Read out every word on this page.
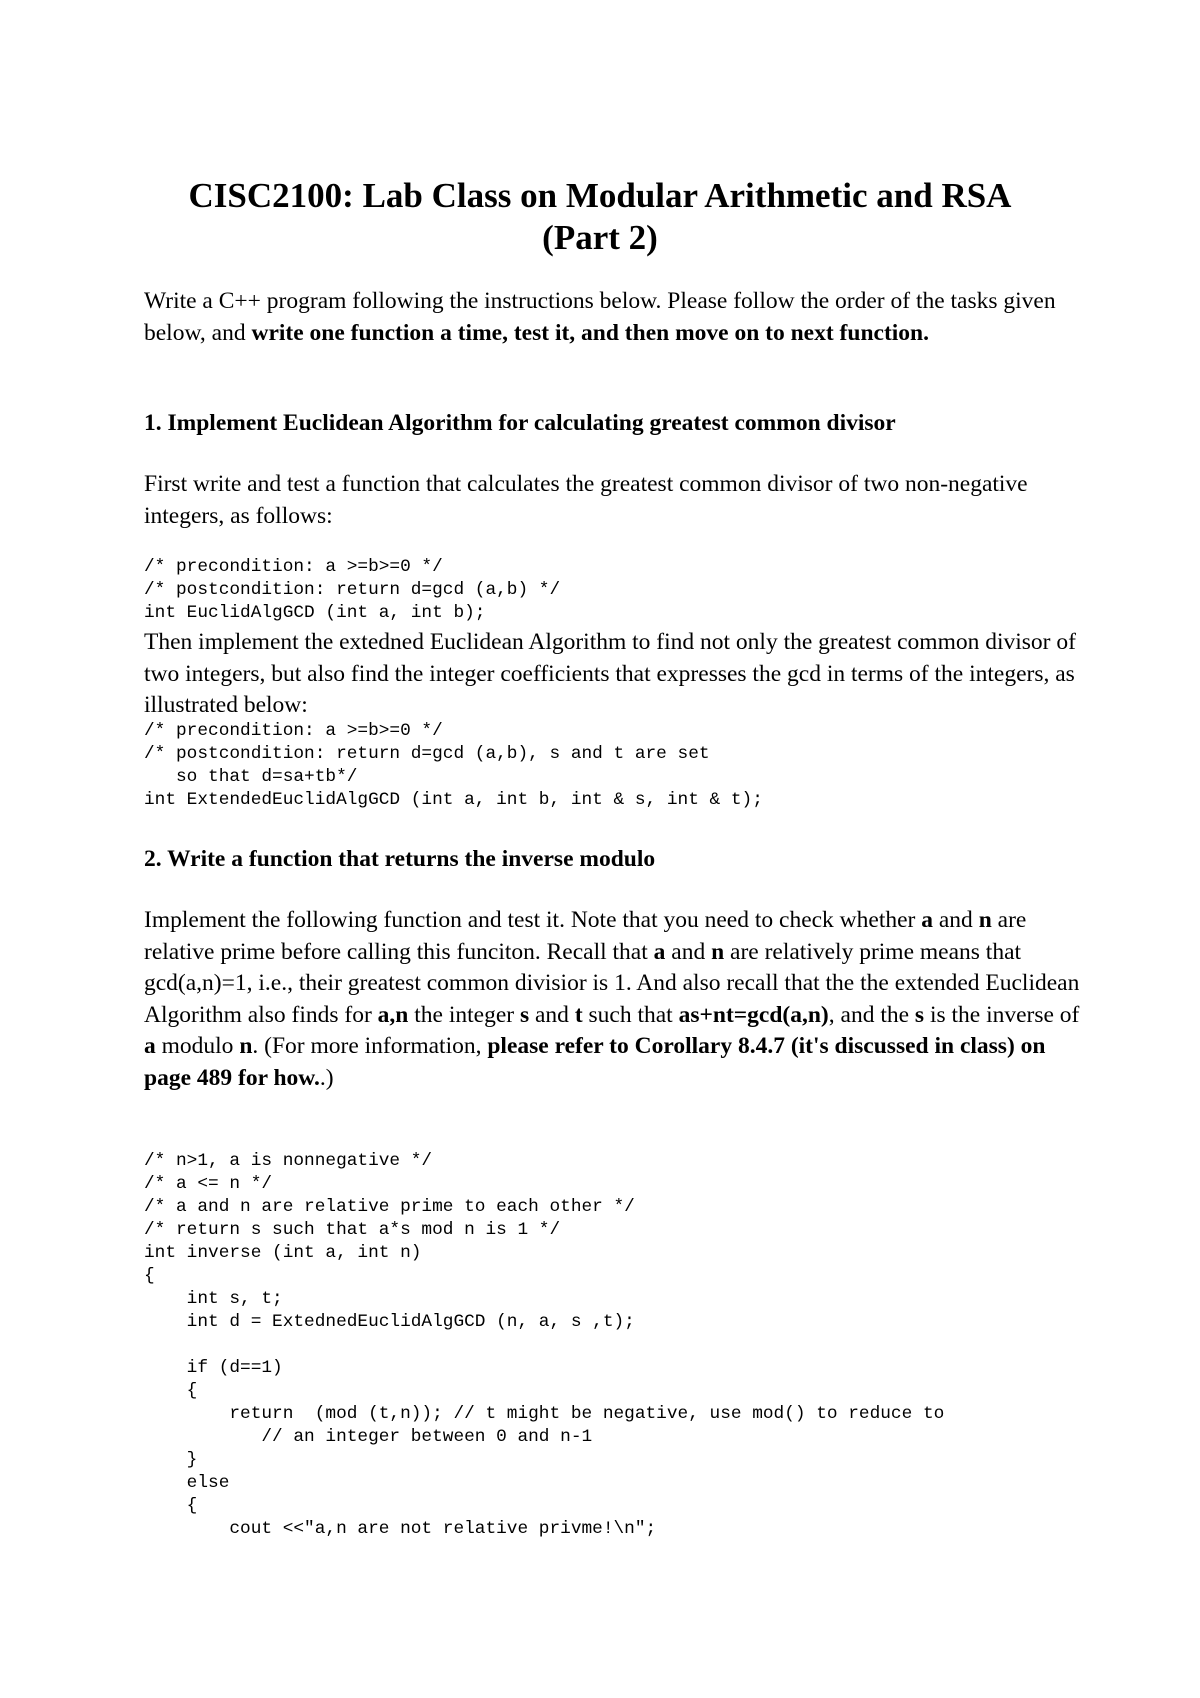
CISC2100: Lab Class on Modular Arithmetic and RSA
(Part 2)

Write a C++ program following the instructions below. Please follow the order of the tasks given below, and write one function a time, test it, and then move on to next function.

1. Implement Euclidean Algorithm for calculating greatest common divisor

First write and test a function that calculates the greatest common divisor of two non-negative integers, as follows:

/* precondition: a >=b>=0 */
/* postcondition: return d=gcd (a,b) */
int EuclidAlgGCD (int a, int b);

Then implement the extedned Euclidean Algorithm to find not only the greatest common divisor of two integers, but also find the integer coefficients that expresses the gcd in terms of the integers, as illustrated below:

/* precondition: a >=b>=0 */
/* postcondition: return d=gcd (a,b), s and t are set
so that d=sa+tb*/
int ExtendedEuclidAlgGCD (int a, int b, int & s, int & t);

2. Write a function that returns the inverse modulo

Implement the following function and test it. Note that you need to check whether a and n are relative prime before calling this funciton. Recall that a and n are relatively prime means that gcd(a,n)=1, i.e., their greatest common divisior is 1. And also recall that the the extended Euclidean Algorithm also finds for a,n the integer s and t such that as+nt=gcd(a,n), and the s is the inverse of a modulo n. (For more information, please refer to Corollary 8.4.7 (it's discussed in class) on page 489 for how..)

/* n>1, a is nonnegative */
/* a <= n */
/* a and n are relative prime to each other */
/* return s such that a*s mod n is 1 */
int inverse (int a, int n)
{
int s, t;
int d = ExtednedEuclidAlgGCD (n, a, s ,t);

if (d==1)
{
return  (mod (t,n)); // t might be negative, use mod() to reduce to
// an integer between 0 and n-1
}
else
{
cout <<"a,n are not relative privme!\n";
